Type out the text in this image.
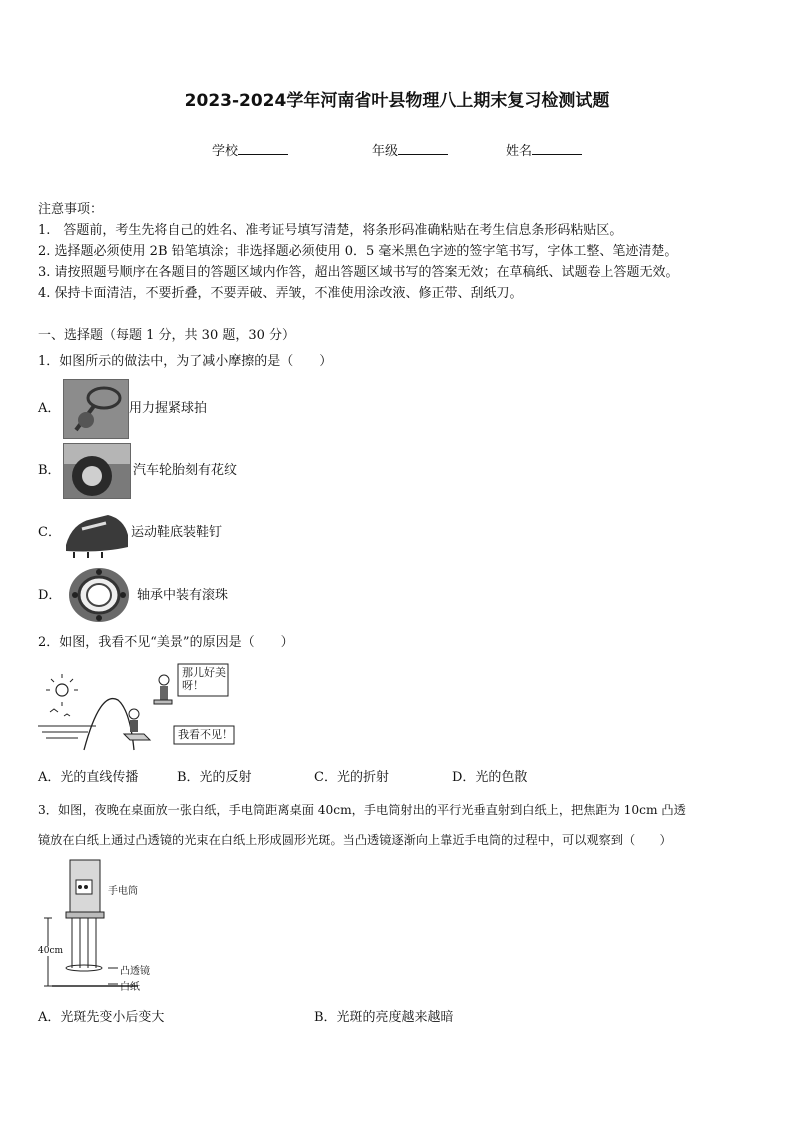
2023-2024学年河南省叶县物理八上期末复习检测试题
学校	年级	姓名
注意事项：
1.　答题前，考生先将自己的姓名、准考证号填写清楚，将条形码准确粘贴在考生信息条形码粘贴区。
2. 选择题必须使用 2B 铅笔填涂；非选择题必须使用 0．5 毫米黑色字迹的签字笔书写，字体工整、笔迹清楚。
3. 请按照题号顺序在各题目的答题区域内作答，超出答题区域书写的答案无效；在草稿纸、试题卷上答题无效。
4. 保持卡面清洁，不要折叠，不要弄破、弄皱，不准使用涂改液、修正带、刮纸刀。
一、选择题（每题 1 分，共 30 题，30 分）
1．如图所示的做法中，为了减小摩擦的是（　　）
A．	用力握紧球拍
B．	汽车轮胎刻有花纹
C．	运动鞋底装鞋钉
D．	轴承中装有滚珠
2．如图，我看不见“美景”的原因是（　　）
那儿好美呀！
我看不见！
A．光的直线传播	B．光的反射	C．光的折射	D．光的色散
3．如图，夜晚在桌面放一张白纸，手电筒距离桌面 40cm，手电筒射出的平行光垂直射到白纸上，把焦距为 10cm 凸透
镜放在白纸上通过凸透镜的光束在白纸上形成圆形光斑。当凸透镜逐渐向上靠近手电筒的过程中，可以观察到（　　）
手电筒
40cm
凸透镜
白纸
A．光斑先变小后变大	B．光斑的亮度越来越暗
